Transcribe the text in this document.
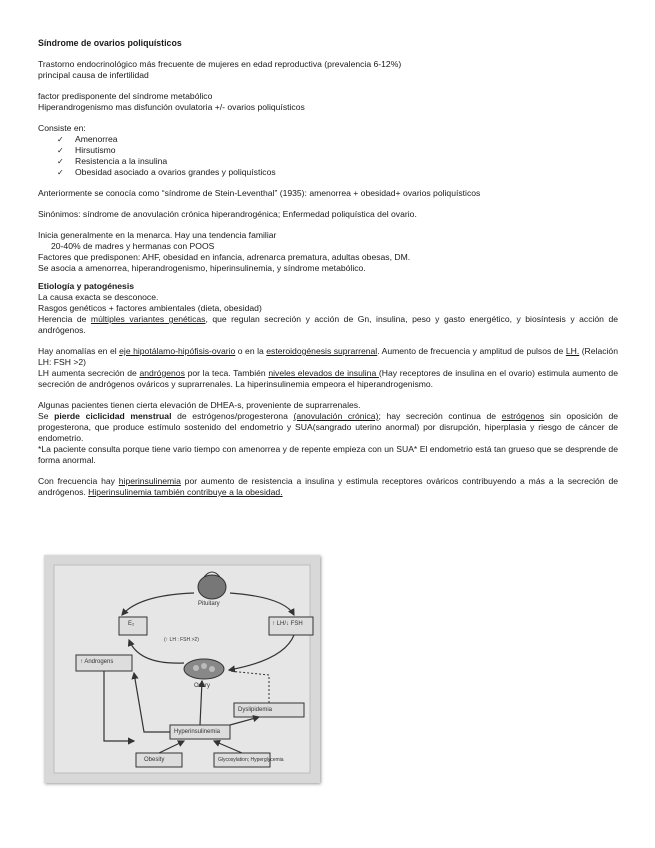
Síndrome de ovarios poliquísticos

Trastorno endocrinológico más frecuente de mujeres en edad reproductiva (prevalencia 6-12%)

principal causa de infertilidad

factor predisponente del síndrome metabólico

Hiperandrogenismo mas disfunción ovulatoria +/- ovarios poliquísticos

Consiste en:

✓ Amenorrea
✓ Hirsutismo
✓ Resistencia a la insulina
✓ Obesidad asociado a ovarios grandes y poliquísticos

Anteriormente se conocía como “síndrome de Stein-Leventhal” (1935): amenorrea + obesidad+ ovarios poliquísticos

Sinónimos: síndrome de anovulación crónica hiperandrogénica; Enfermedad poliquística del ovario.

Inicia generalmente en la menarca. Hay una tendencia familiar

20-40% de madres y hermanas con POOS

Factores que predisponen: AHF, obesidad en infancia, adrenarca prematura, adultas obesas, DM.

Se asocia a amenorrea, hiperandrogenismo, hiperinsulinemia, y síndrome metabólico.

Etiología y patogénesis

La causa exacta se desconoce.

Rasgos genéticos + factores ambientales (dieta, obesidad)

Herencia de múltiples variantes genéticas, que regulan secreción y acción de Gn, insulina, peso y gasto energético, y biosíntesis y acción de andrógenos.

Hay anomalías en el eje hipotálamo-hipófisis-ovario o en la esteroidogénesis suprarrenal. Aumento de frecuencia y amplitud de pulsos de LH. (Relación LH: FSH >2)

LH aumenta secreción de andrógenos por la teca. También niveles elevados de insulina (Hay receptores de insulina en el ovario) estimula aumento de secreción de andrógenos ováricos y suprarrenales. La hiperinsulinemia empeora el hiperandrogenismo.

Algunas pacientes tienen cierta elevación de DHEA-s, proveniente de suprarrenales.

Se pierde ciclicidad menstrual de estrógenos/progesterona (anovulación crónica); hay secreción continua de estrógenos sin oposición de progesterona, que produce estímulo sostenido del endometrio y SUA(sangrado uterino anormal) por disrupción, hiperplasia y riesgo de cáncer de endometrio.

*La paciente consulta porque tiene vario tiempo con amenorrea y de repente empieza con un SUA* El endometrio está tan grueso que se desprende de forma anormal.

Con frecuencia hay hiperinsulinemia por aumento de resistencia a insulina y estimula receptores ováricos contribuyendo a más a la secreción de andrógenos. Hiperinsulinemia también contribuye a la obesidad.

Pituitary
E₂	↑ LH/↓ FSH
↑ Androgens
Ovary
Dyslipidemia
Hyperinsulinemia
Obesity	Glycosylation; Hyperglycemia
(↑ LH : FSH >2)
